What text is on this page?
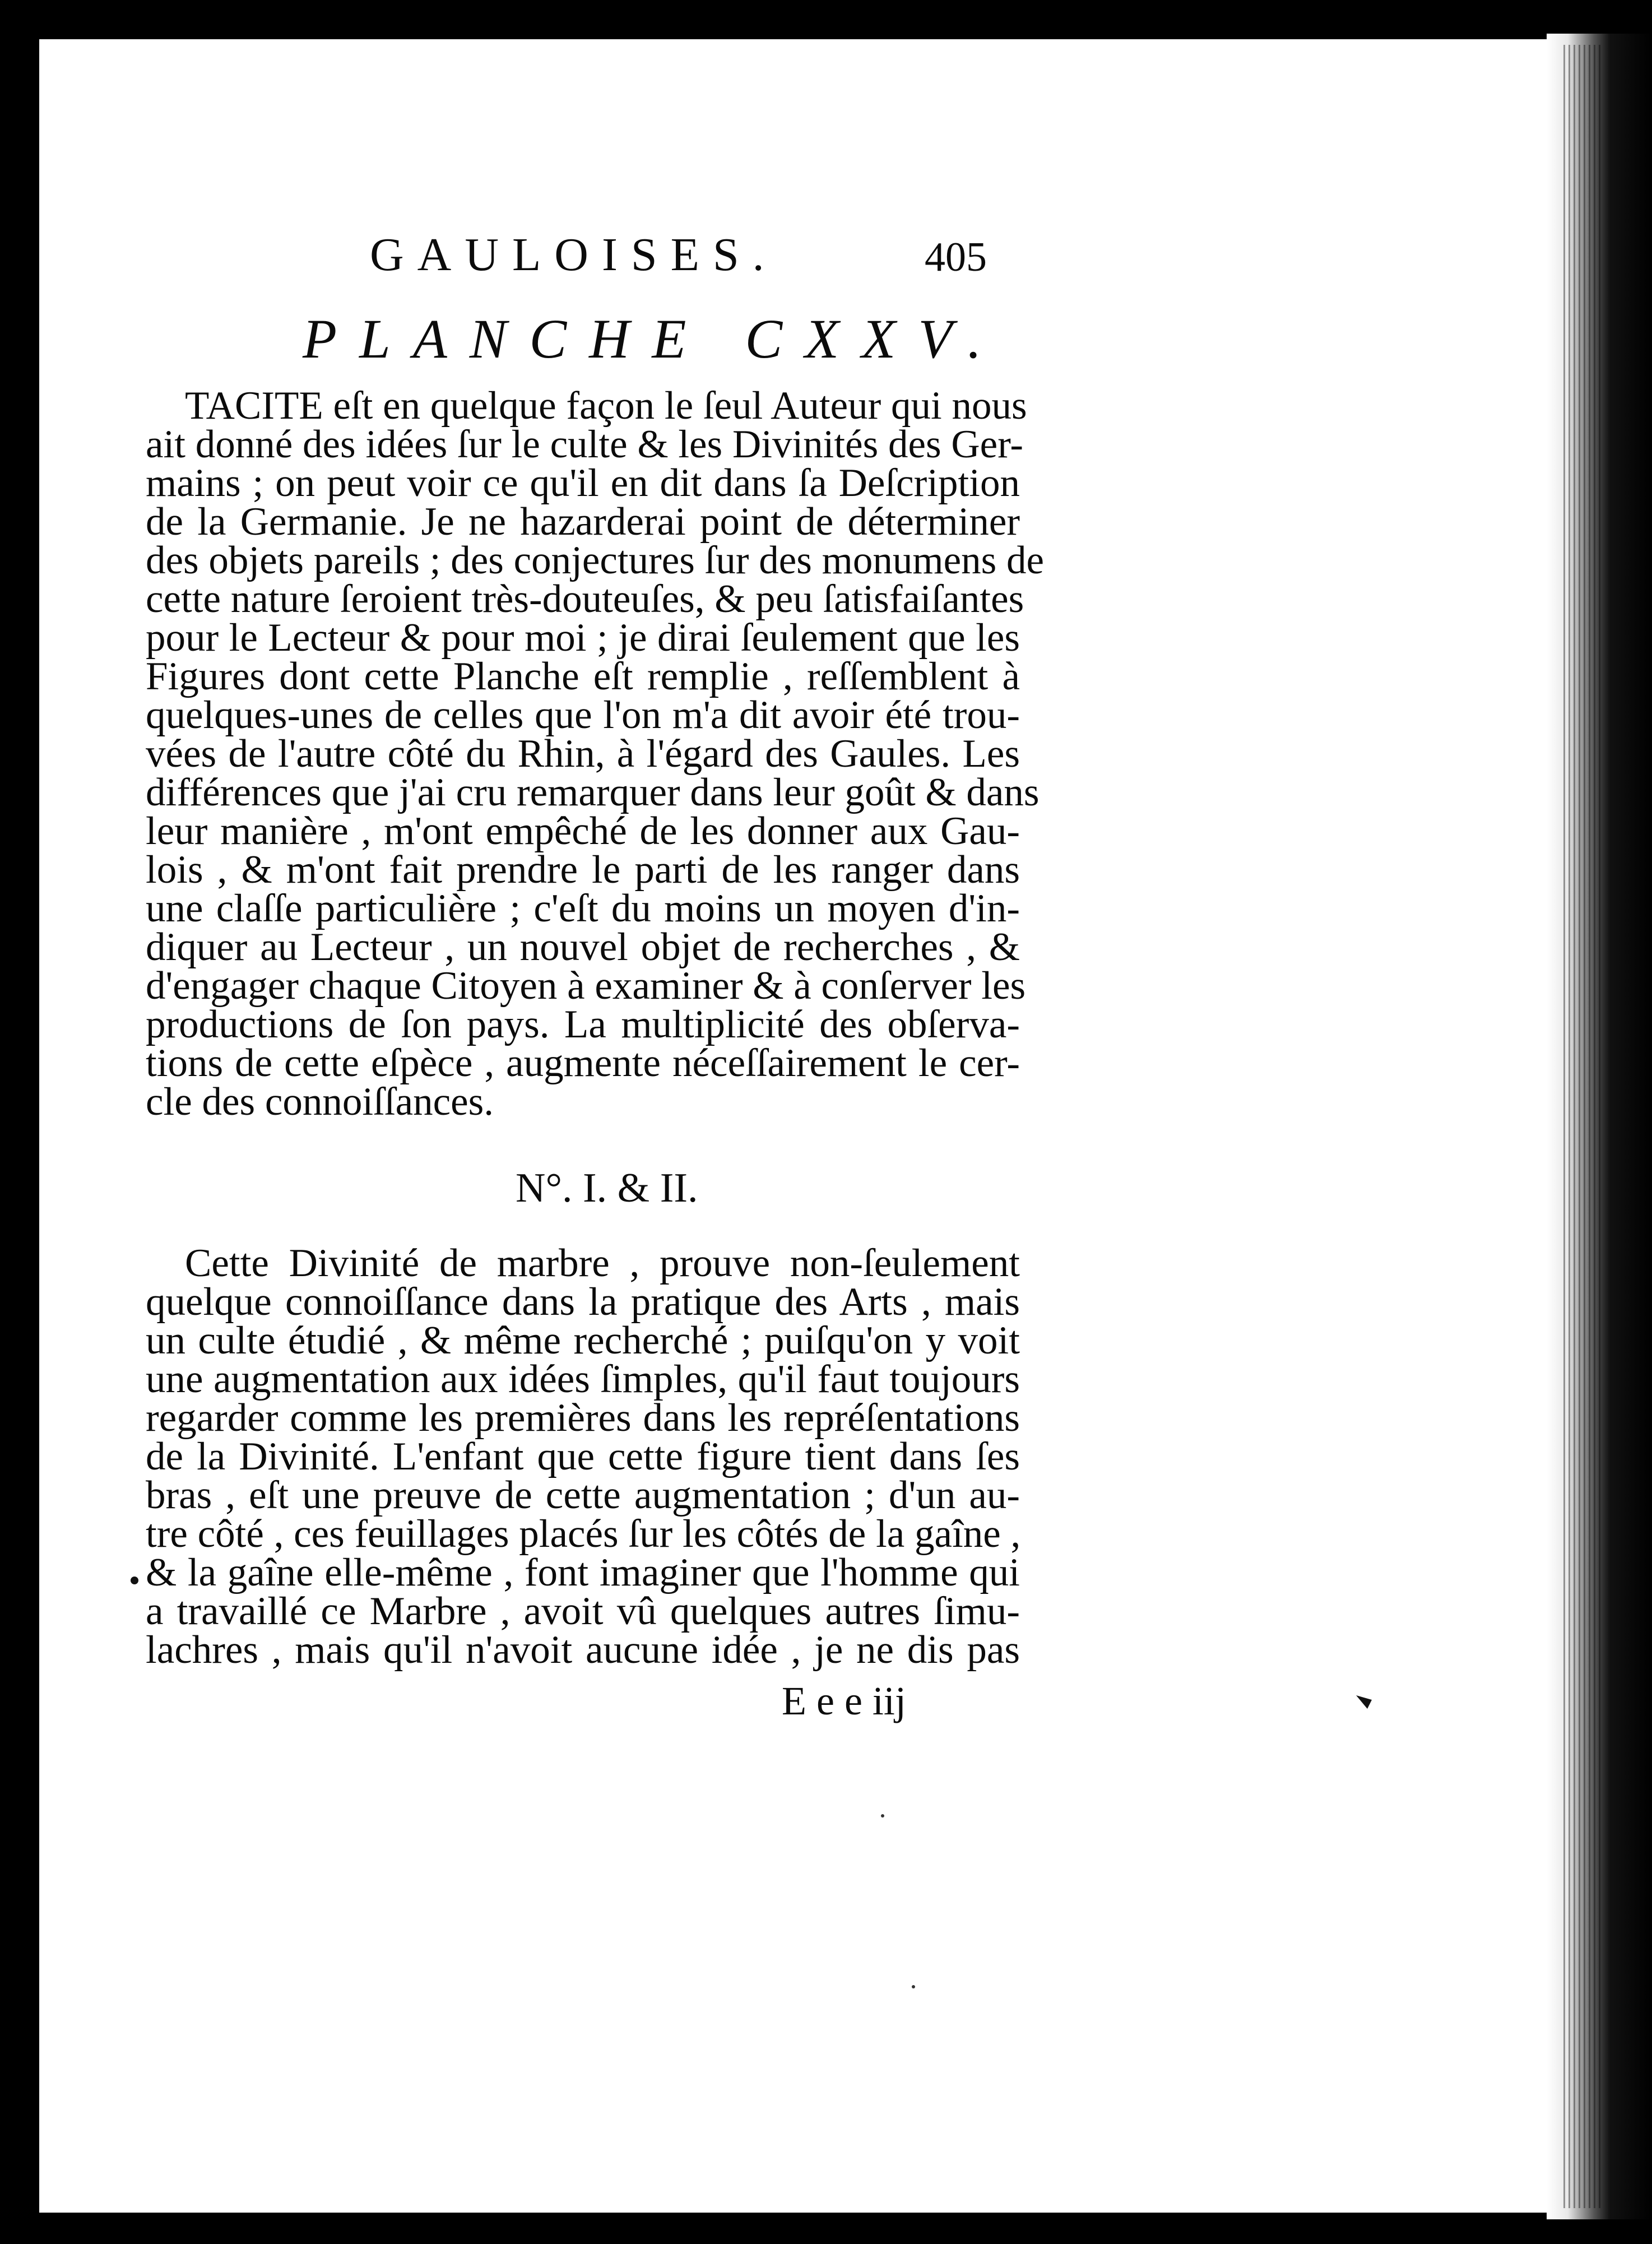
GAULOISES.	405
PLANCHE CXXV.
TACITE eſt en quelque façon le ſeul Auteur qui nous
ait donné des idées ſur le culte & les Divinités des Ger-
mains ; on peut voir ce qu'il en dit dans ſa Deſcription
de la Germanie. Je ne hazarderai point de déterminer
des objets pareils ; des conjectures ſur des monumens de
cette nature ſeroient très-douteuſes, & peu ſatisfaiſantes
pour le Lecteur & pour moi ; je dirai ſeulement que les
Figures dont cette Planche eſt remplie , reſſemblent à
quelques-unes de celles que l'on m'a dit avoir été trou-
vées de l'autre côté du Rhin, à l'égard des Gaules. Les
différences que j'ai cru remarquer dans leur goût & dans
leur manière , m'ont empêché de les donner aux Gau-
lois , & m'ont fait prendre le parti de les ranger dans
une claſſe particulière ; c'eſt du moins un moyen d'in-
diquer au Lecteur , un nouvel objet de recherches , &
d'engager chaque Citoyen à examiner & à conſerver les
productions de ſon pays. La multiplicité des obſerva-
tions de cette eſpèce , augmente néceſſairement le cer-
cle des connoiſſances.
N°. I. & II.
Cette Divinité de marbre , prouve non-ſeulement
quelque connoiſſance dans la pratique des Arts , mais
un culte étudié , & même recherché ; puiſqu'on y voit
une augmentation aux idées ſimples, qu'il faut toujours
regarder comme les premières dans les repréſentations
de la Divinité. L'enfant que cette figure tient dans ſes
bras , eſt une preuve de cette augmentation ; d'un au-
tre côté , ces feuillages placés ſur les côtés de la gaîne ,
& la gaîne elle-même , font imaginer que l'homme qui
a travaillé ce Marbre , avoit vû quelques autres ſimu-
lachres , mais qu'il n'avoit aucune idée , je ne dis pas
E e e iij
